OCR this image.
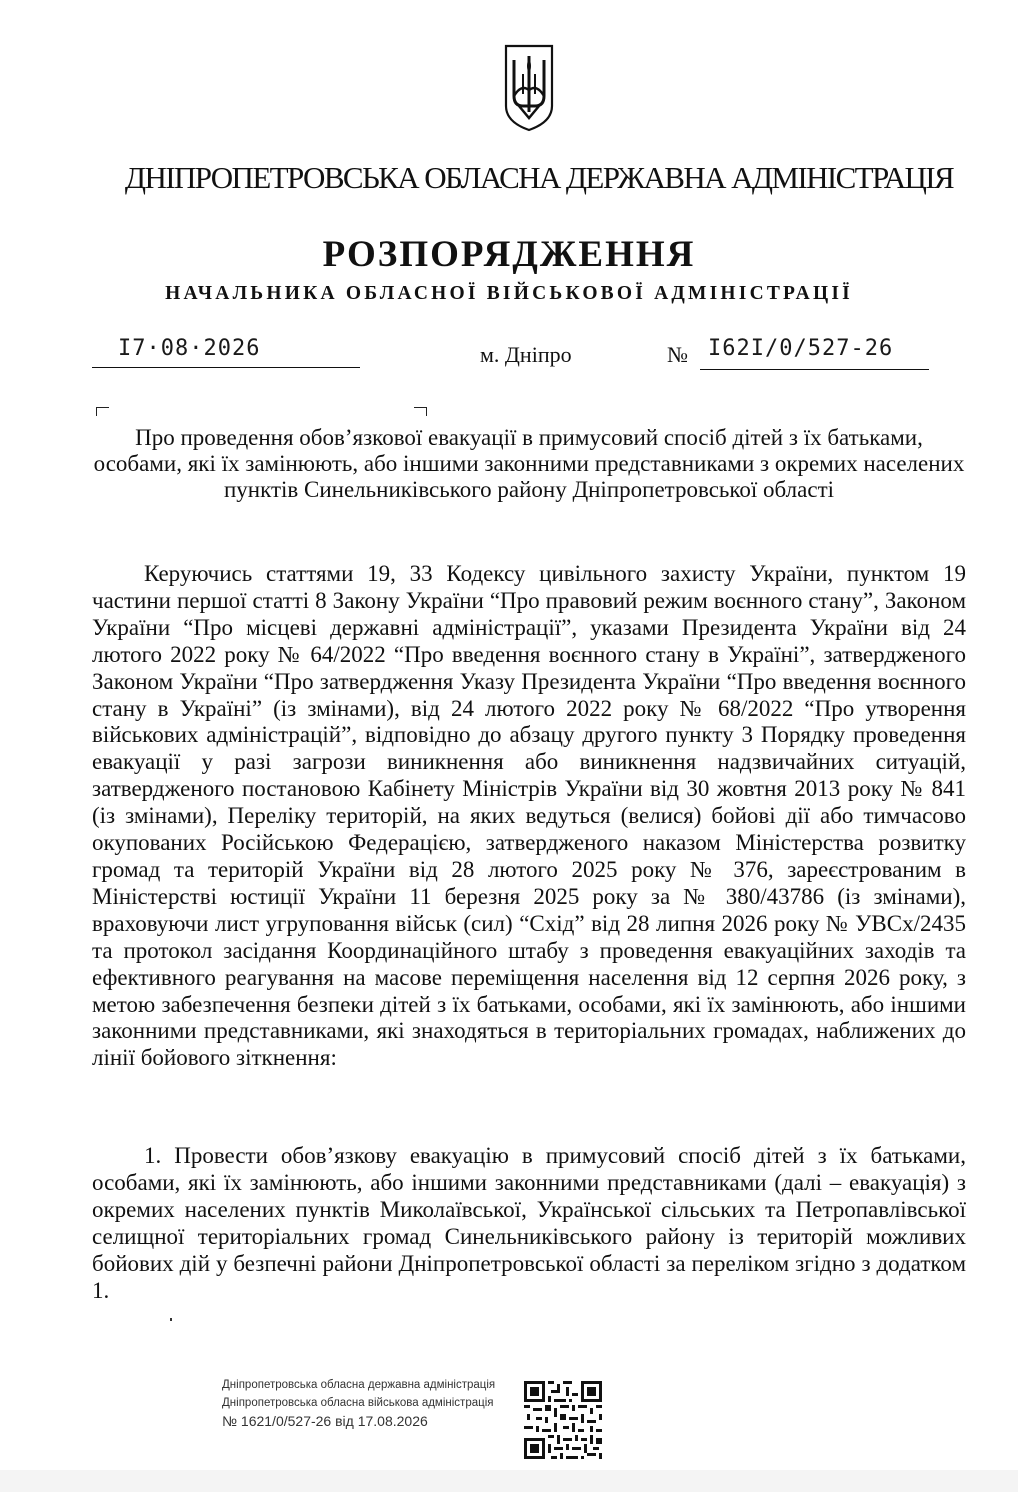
ДНІПРОПЕТРОВСЬКА ОБЛАСНА ДЕРЖАВНА АДМІНІСТРАЦІЯ
РОЗПОРЯДЖЕННЯ
НАЧАЛЬНИКА ОБЛАСНОЇ ВІЙСЬКОВОЇ АДМІНІСТРАЦІЇ
I7·08·2026	м. Дніпро	№ I62I/0/527-26
Про проведення обов’язкової евакуації в примусовий спосіб дітей з їх батьками, особами, які їх замінюють, або іншими законними представниками з окремих населених пунктів Синельниківського району Дніпропетровської області
Керуючись статтями 19, 33 Кодексу цивільного захисту України, пунктом 19 частини першої статті 8 Закону України “Про правовий режим воєнного стану”, Законом України “Про місцеві державні адміністрації”, указами Президента України від 24 лютого 2022 року № 64/2022 “Про введення воєнного стану в Україні”, затвердженого Законом України “Про затвердження Указу Президента України “Про введення воєнного стану в Україні” (із змінами), від 24 лютого 2022 року № 68/2022 “Про утворення військових адміністрацій”, відповідно до абзацу другого пункту 3 Порядку проведення евакуації у разі загрози виникнення або виникнення надзвичайних ситуацій, затвердженого постановою Кабінету Міністрів України від 30 жовтня 2013 року № 841 (із змінами), Переліку територій, на яких ведуться (велися) бойові дії або тимчасово окупованих Російською Федерацією, затвердженого наказом Міністерства розвитку громад та територій України від 28 лютого 2025 року № 376, зареєстрованим в Міністерстві юстиції України 11 березня 2025 року за № 380/43786 (із змінами), враховуючи лист угруповання військ (сил) “Схід” від 28 липня 2026 року № УВСх/2435 та протокол засідання Координаційного штабу з проведення евакуаційних заходів та ефективного реагування на масове переміщення населення від 12 серпня 2026 року, з метою забезпечення безпеки дітей з їх батьками, особами, які їх замінюють, або іншими законними представниками, які знаходяться в територіальних громадах, наближених до лінії бойового зіткнення:
1. Провести обов’язкову евакуацію в примусовий спосіб дітей з їх батьками, особами, які їх замінюють, або іншими законними представниками (далі – евакуація) з окремих населених пунктів Миколаївської, Української сільських та Петропавлівської селищної територіальних громад Синельниківського району із територій можливих бойових дій у безпечні райони Дніпропетровської області за переліком згідно з додатком 1.
Дніпропетровська обласна державна адміністрація
Дніпропетровська обласна військова адміністрація
№ 1621/0/527-26 від 17.08.2026
